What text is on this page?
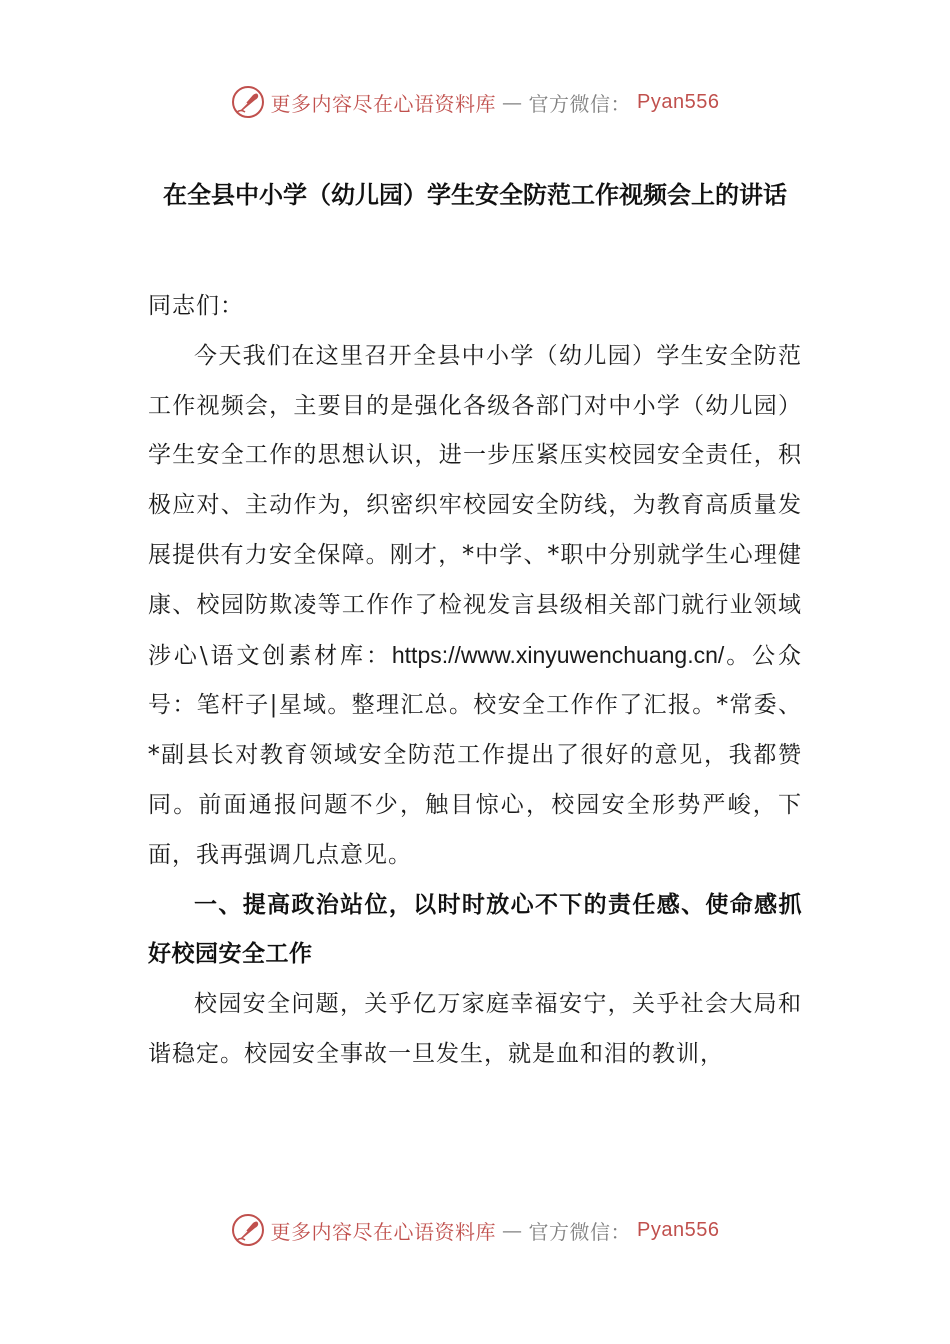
更多内容尽在心语资料库 — 官方微信： Pyan556
在全县中小学（幼儿园）学生安全防范工作视频会上的讲话

同志们：

今天我们在这里召开全县中小学（幼儿园）学生安全防范工作视频会，主要目的是强化各级各部门对中小学（幼儿园）学生安全工作的思想认识，进一步压紧压实校园安全责任，积极应对、主动作为，织密织牢校园安全防线，为教育高质量发展提供有力安全保障。刚才，*中学、*职中分别就学生心理健康、校园防欺凌等工作作了检视发言县级相关部门就行业领域涉心\语文创素材库：https://www.xinyuwenchuang.cn/。公众号：笔杆子|星域。整理汇总。校安全工作作了汇报。*常委、*副县长对教育领域安全防范工作提出了很好的意见，我都赞同。前面通报问题不少，触目惊心，校园安全形势严峻，下面，我再强调几点意见。

一、提高政治站位，以时时放心不下的责任感、使命感抓好校园安全工作

校园安全问题，关乎亿万家庭幸福安宁，关乎社会大局和谐稳定。校园安全事故一旦发生，就是血和泪的教训，

更多内容尽在心语资料库 — 官方微信： Pyan556
